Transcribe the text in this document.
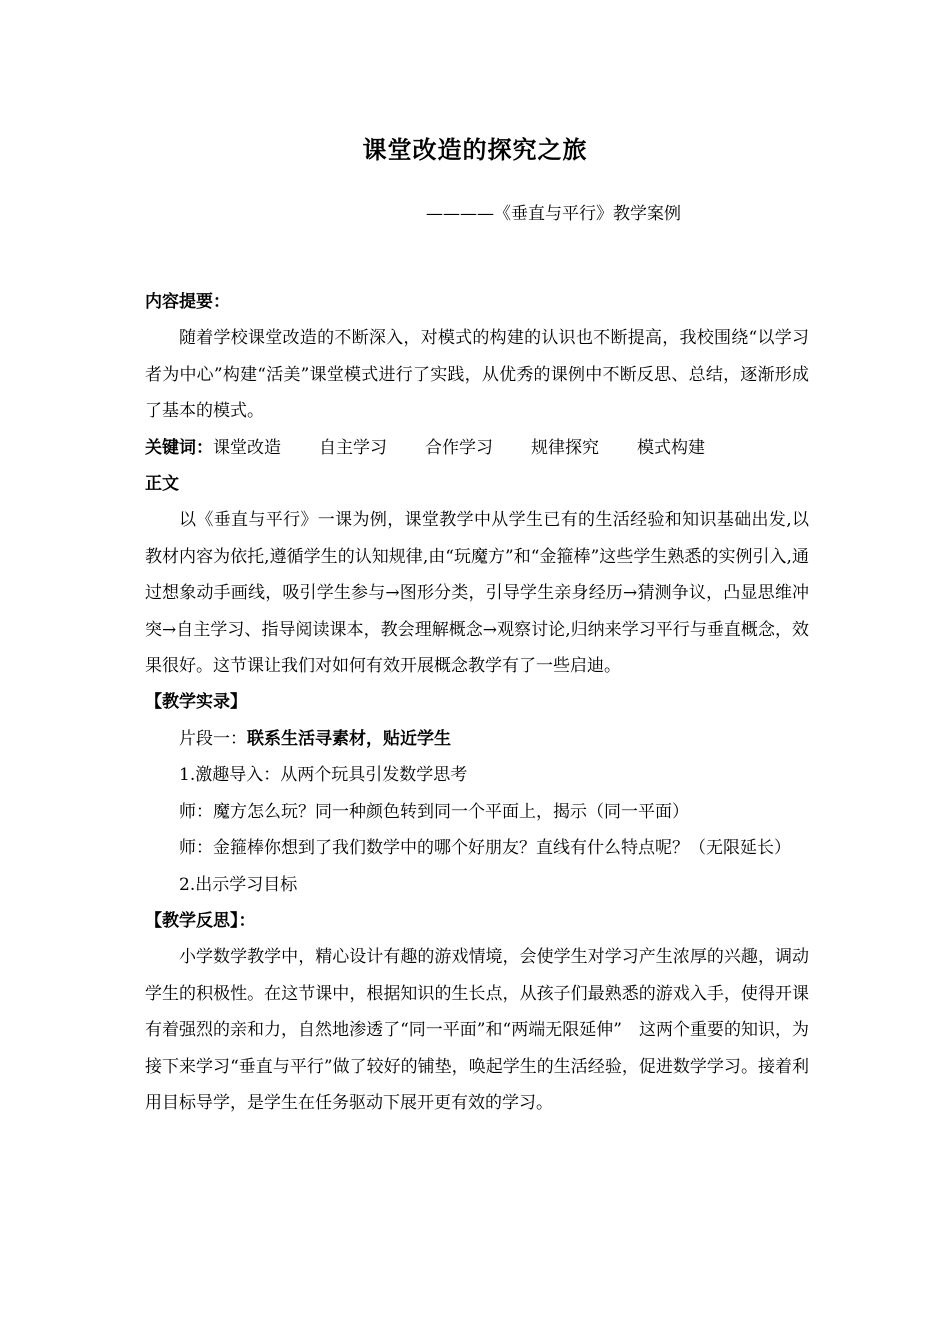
课堂改造的探究之旅
————《垂直与平行》教学案例

内容提要：

随着学校课堂改造的不断深入，对模式的构建的认识也不断提高，我校围绕“以学习者为中心”构建“活美”课堂模式进行了实践，从优秀的课例中不断反思、总结，逐渐形成了基本的模式。

关键词：课堂改造 自主学习 合作学习 规律探究 模式构建

正文

以《垂直与平行》一课为例，课堂教学中从学生已有的生活经验和知识基础出发,以教材内容为依托,遵循学生的认知规律,由“玩魔方”和“金箍棒”这些学生熟悉的实例引入,通过想象动手画线，吸引学生参与→图形分类，引导学生亲身经历→猜测争议，凸显思维冲突→自主学习、指导阅读课本，教会理解概念→观察讨论,归纳来学习平行与垂直概念，效果很好。这节课让我们对如何有效开展概念教学有了一些启迪。

【教学实录】

片段一：联系生活寻素材，贴近学生

1.激趣导入：从两个玩具引发数学思考

师：魔方怎么玩？同一种颜色转到同一个平面上，揭示（同一平面）

师：金箍棒你想到了我们数学中的哪个好朋友？直线有什么特点呢？（无限延长）

2.出示学习目标

【教学反思】：

小学数学教学中，精心设计有趣的游戏情境，会使学生对学习产生浓厚的兴趣，调动学生的积极性。在这节课中，根据知识的生长点，从孩子们最熟悉的游戏入手，使得开课有着强烈的亲和力，自然地渗透了“同一平面”和“两端无限延伸”　这两个重要的知识，为接下来学习“垂直与平行”做了较好的铺垫，唤起学生的生活经验，促进数学学习。接着利用目标导学，是学生在任务驱动下展开更有效的学习。
